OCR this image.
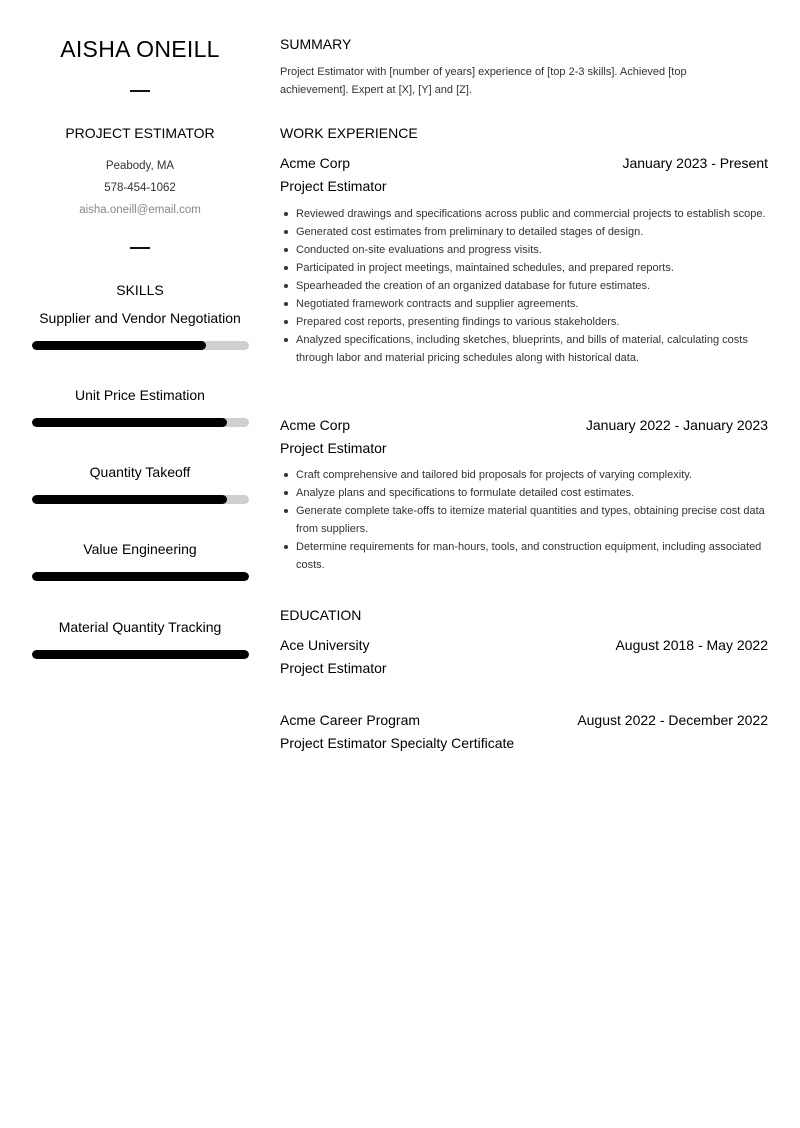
AISHA ONEILL
PROJECT ESTIMATOR
Peabody, MA
578-454-1062
aisha.oneill@email.com
SKILLS
Supplier and Vendor Negotiation
Unit Price Estimation
Quantity Takeoff
Value Engineering
Material Quantity Tracking
SUMMARY
Project Estimator with [number of years] experience of [top 2-3 skills]. Achieved [top achievement]. Expert at [X], [Y] and [Z].
WORK EXPERIENCE
Acme Corp	January 2023 - Present
Project Estimator
Reviewed drawings and specifications across public and commercial projects to establish scope.
Generated cost estimates from preliminary to detailed stages of design.
Conducted on-site evaluations and progress visits.
Participated in project meetings, maintained schedules, and prepared reports.
Spearheaded the creation of an organized database for future estimates.
Negotiated framework contracts and supplier agreements.
Prepared cost reports, presenting findings to various stakeholders.
Analyzed specifications, including sketches, blueprints, and bills of material, calculating costs through labor and material pricing schedules along with historical data.
Acme Corp	January 2022 - January 2023
Project Estimator
Craft comprehensive and tailored bid proposals for projects of varying complexity.
Analyze plans and specifications to formulate detailed cost estimates.
Generate complete take-offs to itemize material quantities and types, obtaining precise cost data from suppliers.
Determine requirements for man-hours, tools, and construction equipment, including associated costs.
EDUCATION
Ace University	August 2018 - May 2022
Project Estimator
Acme Career Program	August 2022 - December 2022
Project Estimator Specialty Certificate
